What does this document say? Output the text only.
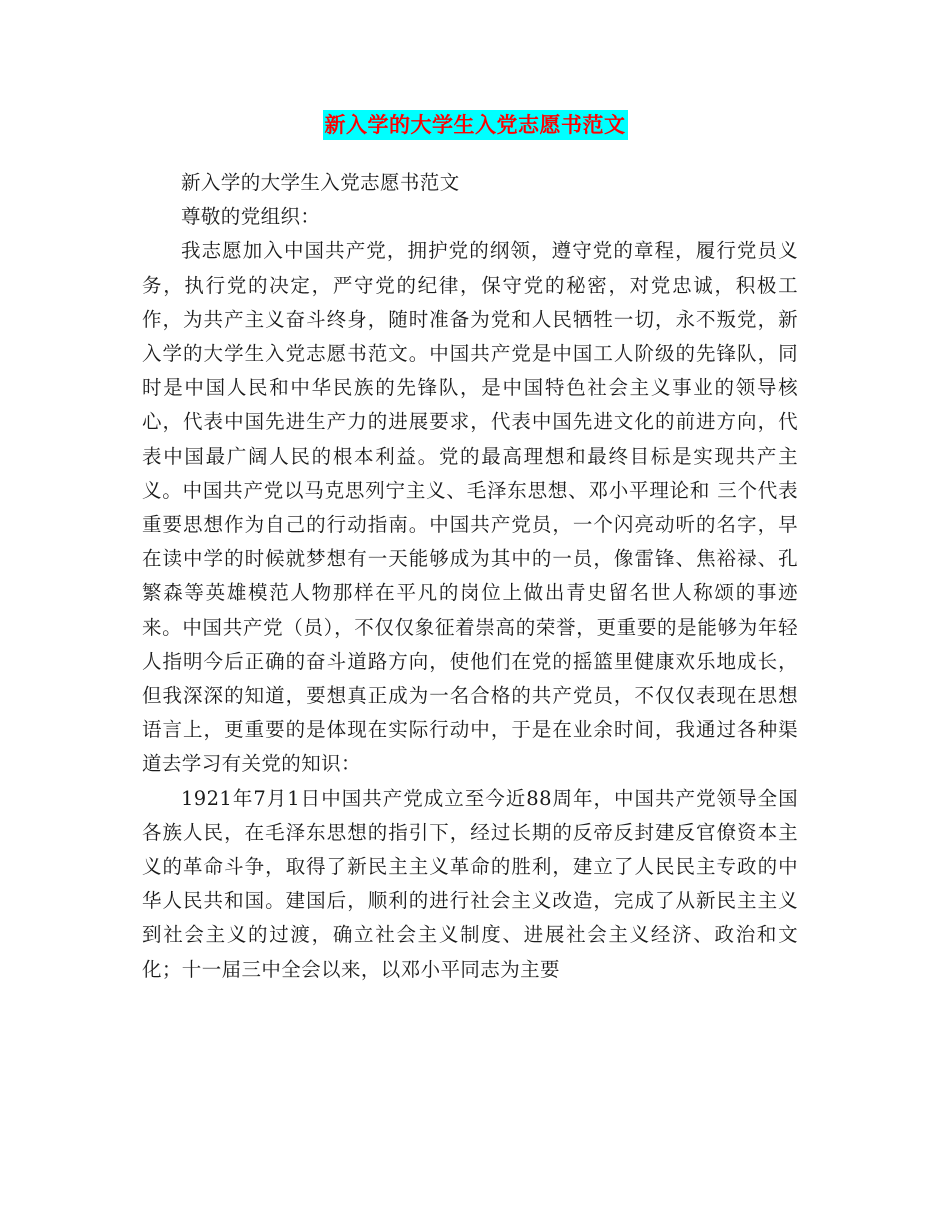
新入学的大学生入党志愿书范文

新入学的大学生入党志愿书范文

尊敬的党组织：

我志愿加入中国共产党，拥护党的纲领，遵守党的章程，履行党员义务，执行党的决定，严守党的纪律，保守党的秘密，对党忠诚，积极工作，为共产主义奋斗终身，随时准备为党和人民牺牲一切，永不叛党，新入学的大学生入党志愿书范文。中国共产党是中国工人阶级的先锋队，同时是中国人民和中华民族的先锋队，是中国特色社会主义事业的领导核心，代表中国先进生产力的进展要求，代表中国先进文化的前进方向，代表中国最广阔人民的根本利益。党的最高理想和最终目标是实现共产主义。中国共产党以马克思列宁主义、毛泽东思想、邓小平理论和 三个代表 重要思想作为自己的行动指南。中国共产党员，一个闪亮动听的名字，早在读中学的时候就梦想有一天能够成为其中的一员，像雷锋、焦裕禄、孔繁森等英雄模范人物那样在平凡的岗位上做出青史留名世人称颂的事迹来。中国共产党（员），不仅仅象征着崇高的荣誉，更重要的是能够为年轻人指明今后正确的奋斗道路方向，使他们在党的摇篮里健康欢乐地成长，但我深深的知道，要想真正成为一名合格的共产党员，不仅仅表现在思想语言上，更重要的是体现在实际行动中，于是在业余时间，我通过各种渠道去学习有关党的知识：

1921年7月1日中国共产党成立至今近88周年，中国共产党领导全国各族人民，在毛泽东思想的指引下，经过长期的反帝反封建反官僚资本主义的革命斗争，取得了新民主主义革命的胜利，建立了人民民主专政的中华人民共和国。建国后，顺利的进行社会主义改造，完成了从新民主主义到社会主义的过渡，确立社会主义制度、进展社会主义经济、政治和文化；十一届三中全会以来，以邓小平同志为主要
